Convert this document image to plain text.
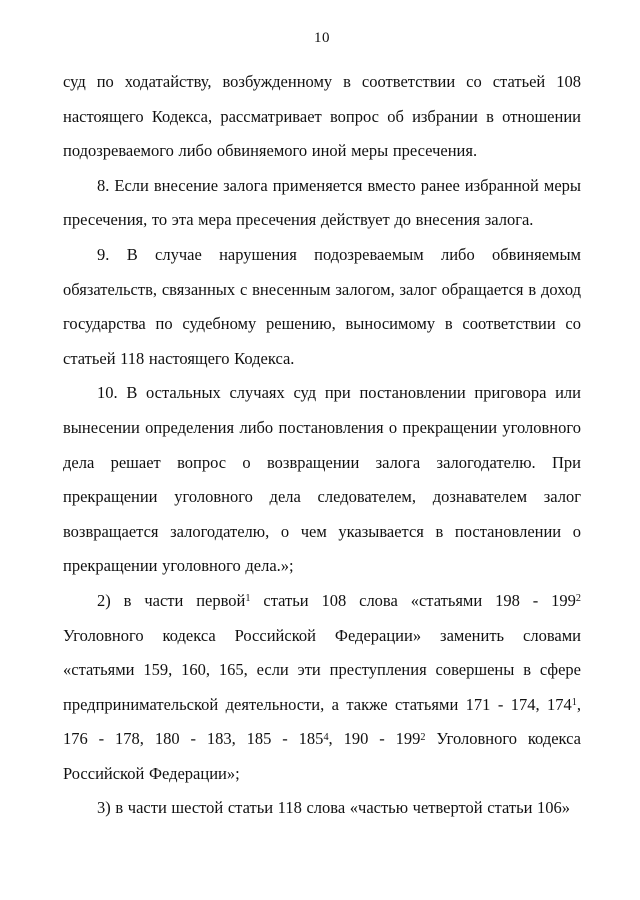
10

суд по ходатайству, возбужденному в соответствии со статьей 108 настоящего Кодекса, рассматривает вопрос об избрании в отношении подозреваемого либо обвиняемого иной меры пресечения.

8. Если внесение залога применяется вместо ранее избранной меры пресечения, то эта мера пресечения действует до внесения залога.

9. В случае нарушения подозреваемым либо обвиняемым обязательств, связанных с внесенным залогом, залог обращается в доход государства по судебному решению, выносимому в соответствии со статьей 118 настоящего Кодекса.

10. В остальных случаях суд при постановлении приговора или вынесении определения либо постановления о прекращении уголовного дела решает вопрос о возвращении залога залогодателю. При прекращении уголовного дела следователем, дознавателем залог возвращается залогодателю, о чем указывается в постановлении о прекращении уголовного дела.»;

2) в части первой$^1$ статьи 108 слова «статьями $198 - 199^2$ Уголовного кодекса Российской Федерации» заменить словами «статьями 159, 160, 165, если эти преступления совершены в сфере предпринимательской деятельности, а также статьями 171 - 174, $174^1$, 176 - 178, 180 - 183, $185 - 185^4$, $190 - 199^2$ Уголовного кодекса Российской Федерации»;

3) в части шестой статьи 118 слова «частью четвертой статьи 106»
